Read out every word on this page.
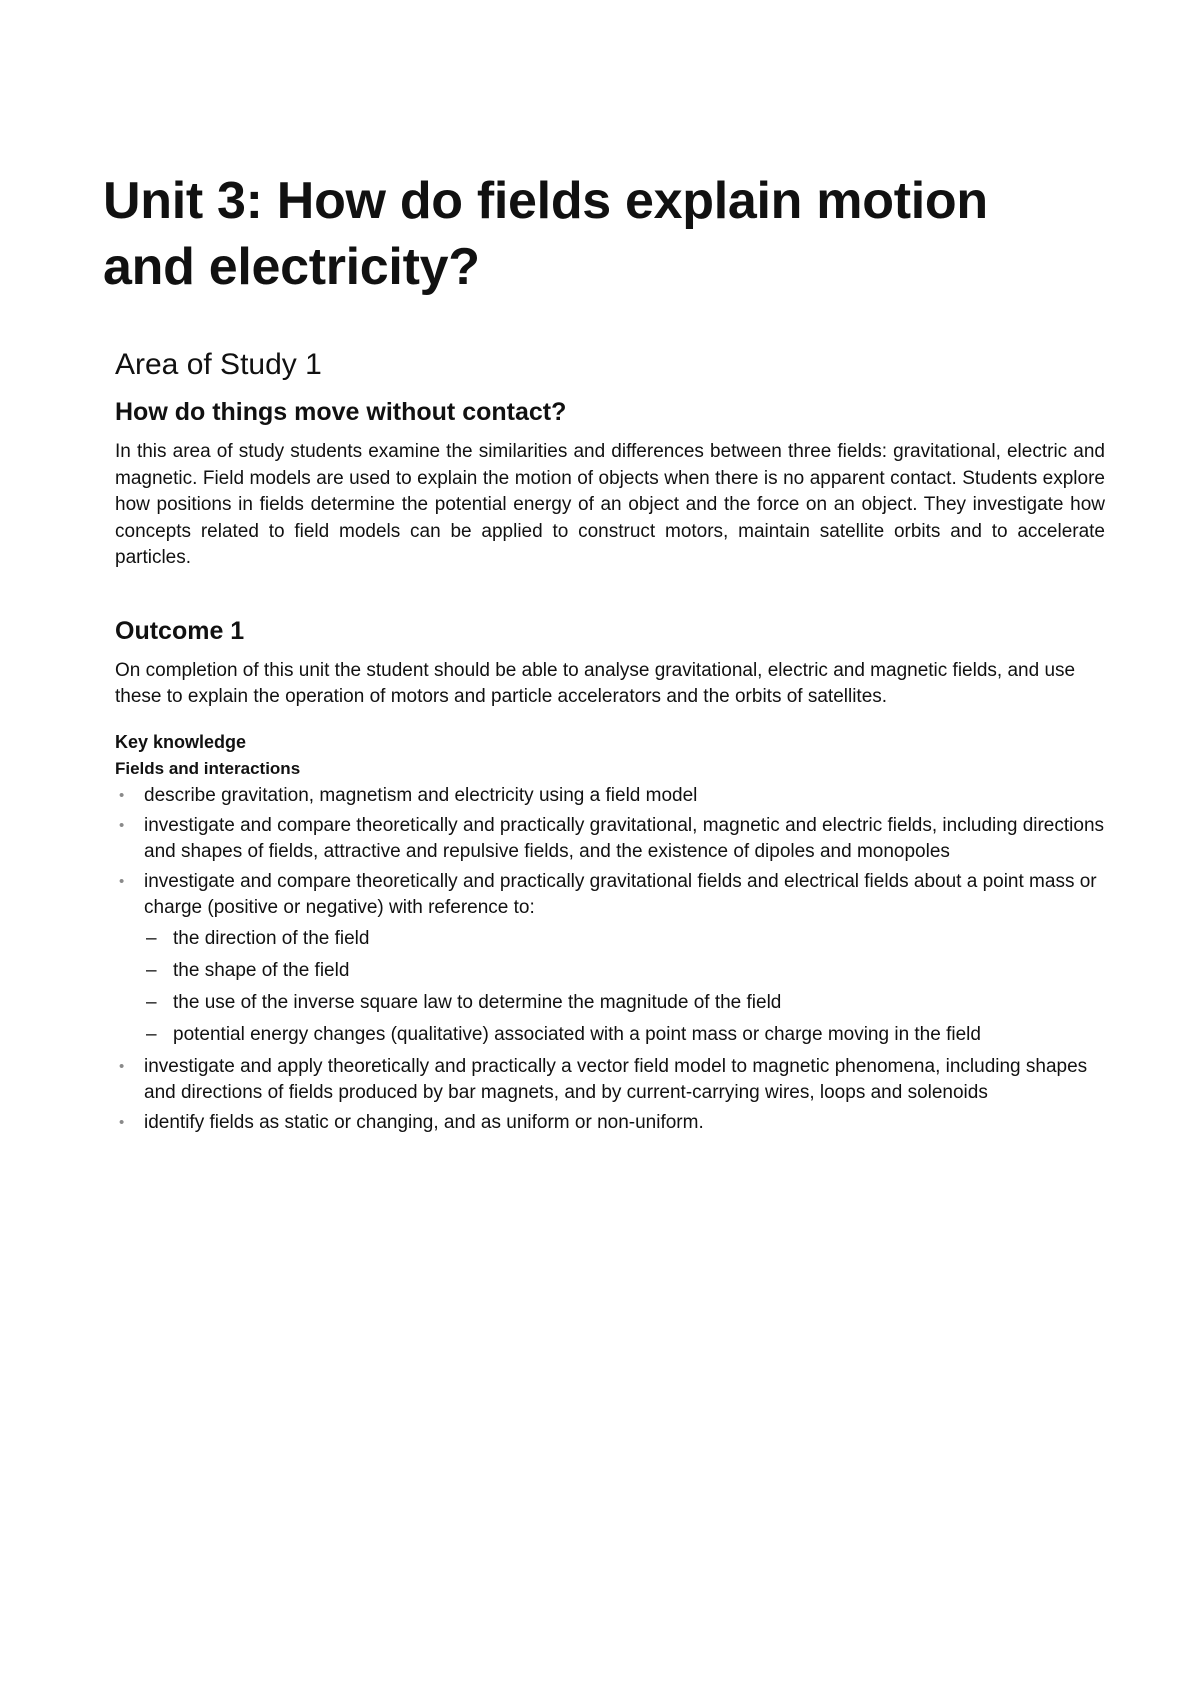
Unit 3: How do fields explain motion and electricity?
Area of Study 1
How do things move without contact?

In this area of study students examine the similarities and differences between three fields: gravitational, electric and magnetic. Field models are used to explain the motion of objects when there is no apparent contact. Students explore how positions in fields determine the potential energy of an object and the force on an object. They investigate how concepts related to field models can be applied to construct motors, maintain satellite orbits and to accelerate particles.

Outcome 1

On completion of this unit the student should be able to analyse gravitational, electric and magnetic fields, and use these to explain the operation of motors and particle accelerators and the orbits of satellites.

Key knowledge
Fields and interactions
• describe gravitation, magnetism and electricity using a field model
• investigate and compare theoretically and practically gravitational, magnetic and electric fields, including directions and shapes of fields, attractive and repulsive fields, and the existence of dipoles and monopoles
• investigate and compare theoretically and practically gravitational fields and electrical fields about a point mass or charge (positive or negative) with reference to:
– the direction of the field
– the shape of the field
– the use of the inverse square law to determine the magnitude of the field
– potential energy changes (qualitative) associated with a point mass or charge moving in the field
• investigate and apply theoretically and practically a vector field model to magnetic phenomena, including shapes and directions of fields produced by bar magnets, and by current-carrying wires, loops and solenoids
• identify fields as static or changing, and as uniform or non-uniform.
